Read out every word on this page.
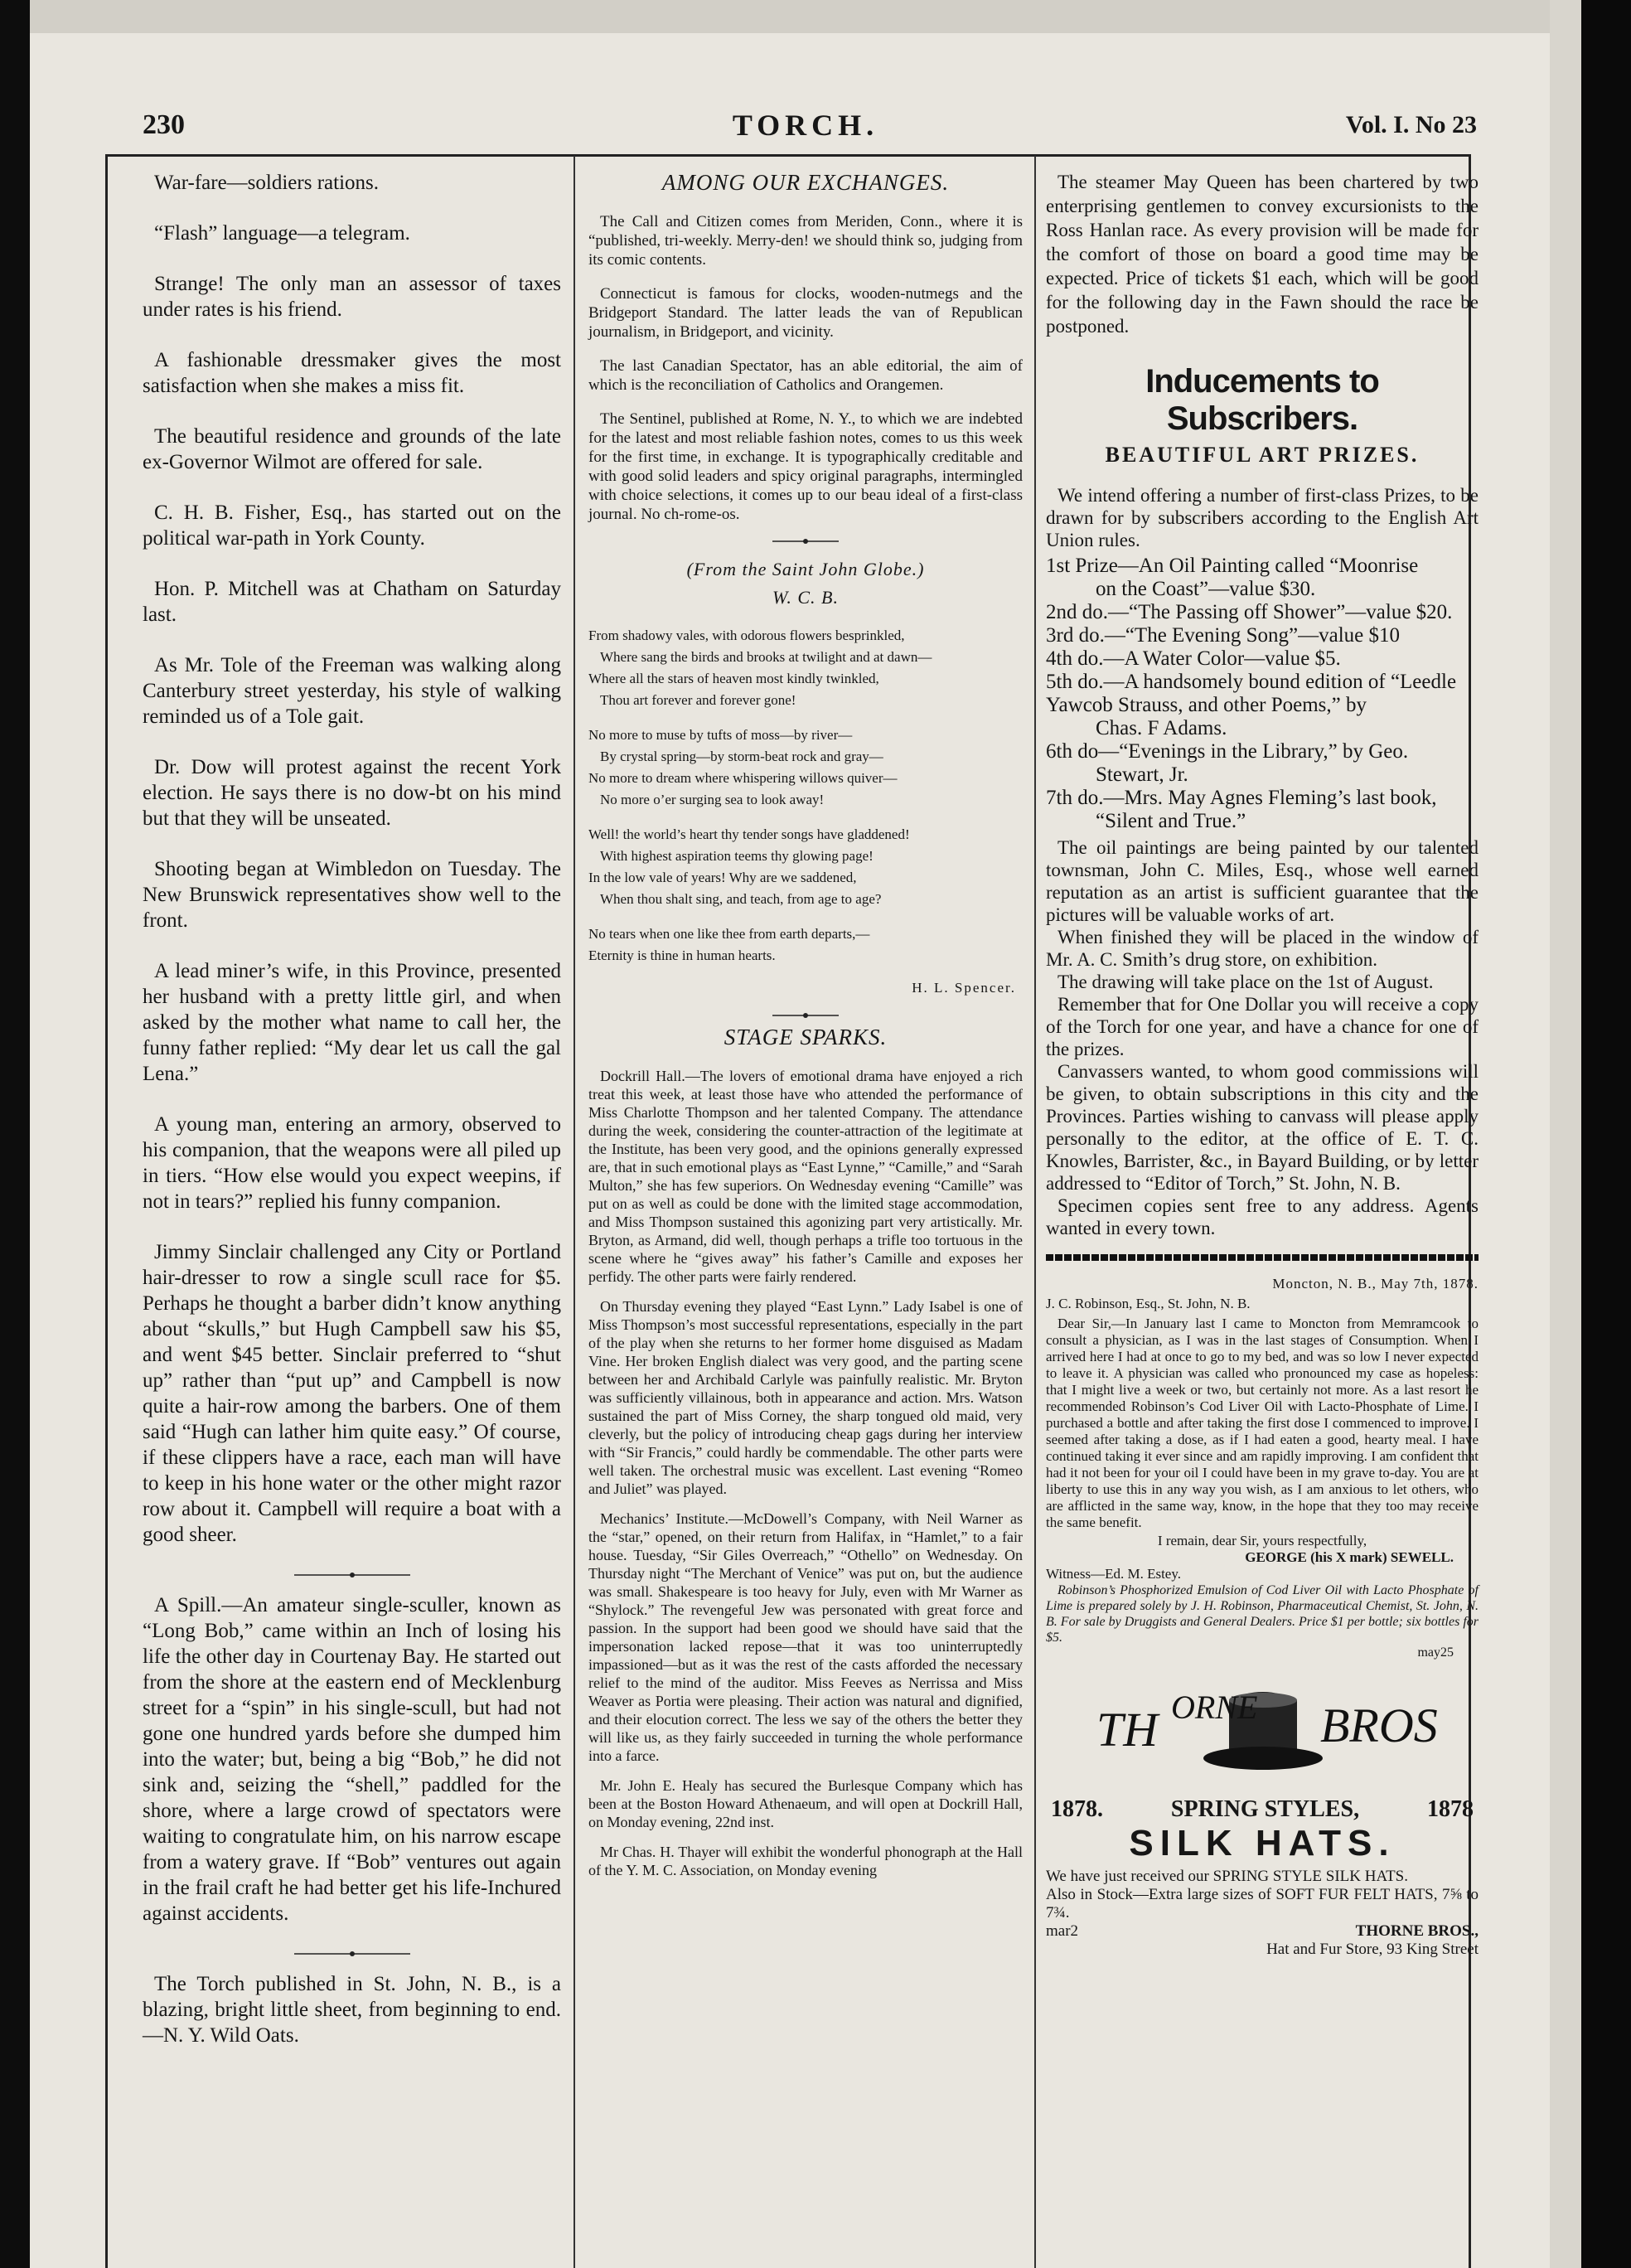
230	TORCH.	Vol. I. No 23

War-fare—soldiers rations.

“Flash” language—a telegram.

Strange! The only man an assessor of taxes under rates is his friend.

A fashionable dressmaker gives the most satisfaction when she makes a miss fit.

The beautiful residence and grounds of the late ex-Governor Wilmot are offered for sale.

C. H. B. Fisher, Esq., has started out on the political war-path in York County.

Hon. P. Mitchell was at Chatham on Saturday last.

As Mr. Tole of the Freeman was walking along Canterbury street yesterday, his style of walking reminded us of a Tole gait.

Dr. Dow will protest against the recent York election. He says there is no dow-bt on his mind but that they will be unseated.

Shooting began at Wimbledon on Tuesday. The New Brunswick representatives show well to the front.

A lead miner’s wife, in this Province, presented her husband with a pretty little girl, and when asked by the mother what name to call her, the funny father replied: “My dear let us call the gal Lena.”

A young man, entering an armory, observed to his companion, that the weapons were all piled up in tiers. “How else would you expect weepins, if not in tears?” replied his funny companion.

Jimmy Sinclair challenged any City or Portland hair-dresser to row a single scull race for $5. Perhaps he thought a barber didn’t know anything about “skulls,” but Hugh Campbell saw his $5, and went $45 better. Sinclair preferred to “shut up” rather than “put up” and Campbell is now quite a hair-row among the barbers. One of them said “Hugh can lather him quite easy.” Of course, if these clippers have a race, each man will have to keep in his hone water or the other might razor row about it. Campbell will require a boat with a good sheer.

A Spill.—An amateur single-sculler, known as “Long Bob,” came within an Inch of losing his life the other day in Courtenay Bay. He started out from the shore at the eastern end of Mecklenburg street for a “spin” in his single-scull, but had not gone one hundred yards before she dumped him into the water; but, being a big “Bob,” he did not sink and, seizing the “shell,” paddled for the shore, where a large crowd of spectators were waiting to congratulate him, on his narrow escape from a watery grave. If “Bob” ventures out again in the frail craft he had better get his life-Inchured against accidents.

The Torch published in St. John, N. B., is a blazing, bright little sheet, from beginning to end.—N. Y. Wild Oats.

AMONG OUR EXCHANGES.

The Call and Citizen comes from Meriden, Conn., where it is “published, tri-weekly. Merry-den! we should think so, judging from its comic contents.

Connecticut is famous for clocks, wooden-nutmegs and the Bridgeport Standard. The latter leads the van of Republican journalism, in Bridgeport, and vicinity.

The last Canadian Spectator, has an able editorial, the aim of which is the reconciliation of Catholics and Orangemen.

The Sentinel, published at Rome, N. Y., to which we are indebted for the latest and most reliable fashion notes, comes to us this week for the first time, in exchange. It is typographically creditable and with good solid leaders and spicy original paragraphs, intermingled with choice selections, it comes up to our beau ideal of a first-class journal. No ch-rome-os.

(From the Saint John Globe.)
W. C. B.
From shadowy vales, with odorous flowers besprinkled,
Where sang the birds and brooks at twilight and at dawn—
Where all the stars of heaven most kindly twinkled,
Thou art forever and forever gone!
No more to muse by tufts of moss—by river—
By crystal spring—by storm-beat rock and gray—
No more to dream where whispering willows quiver—
No more o’er surging sea to look away!
Well! the world’s heart thy tender songs have gladdened!
With highest aspiration teems thy glowing page!
In the low vale of years! Why are we saddened,
When thou shalt sing, and teach, from age to age?
No tears when one like thee from earth departs,—
Eternity is thine in human hearts.
H. L. Spencer.
STAGE SPARKS.

Dockrill Hall.—The lovers of emotional drama have enjoyed a rich treat this week, at least those have who attended the performance of Miss Charlotte Thompson and her talented Company. The attendance during the week, considering the counter-attraction of the legitimate at the Institute, has been very good, and the opinions generally expressed are, that in such emotional plays as “East Lynne,” “Camille,” and “Sarah Multon,” she has few superiors. On Wednesday evening “Camille” was put on as well as could be done with the limited stage accommodation, and Miss Thompson sustained this agonizing part very artistically. Mr. Bryton, as Armand, did well, though perhaps a trifle too tortuous in the scene where he “gives away” his father’s Camille and exposes her perfidy. The other parts were fairly rendered.

On Thursday evening they played “East Lynn.” Lady Isabel is one of Miss Thompson’s most successful representations, especially in the part of the play when she returns to her former home disguised as Madam Vine. Her broken English dialect was very good, and the parting scene between her and Archibald Carlyle was painfully realistic. Mr. Bryton was sufficiently villainous, both in appearance and action. Mrs. Watson sustained the part of Miss Corney, the sharp tongued old maid, very cleverly, but the policy of introducing cheap gags during her interview with “Sir Francis,” could hardly be commendable. The other parts were well taken. The orchestral music was excellent. Last evening “Romeo and Juliet” was played.

Mechanics’ Institute.—McDowell’s Company, with Neil Warner as the “star,” opened, on their return from Halifax, in “Hamlet,” to a fair house. Tuesday, “Sir Giles Overreach,” “Othello” on Wednesday. On Thursday night “The Merchant of Venice” was put on, but the audience was small. Shakespeare is too heavy for July, even with Mr Warner as “Shylock.” The revengeful Jew was personated with great force and passion. In the support had been good we should have said that the impersonation lacked repose—that it was too uninterruptedly impassioned—but as it was the rest of the casts afforded the necessary relief to the mind of the auditor. Miss Feeves as Nerrissa and Miss Weaver as Portia were pleasing. Their action was natural and dignified, and their elocution correct. The less we say of the others the better they will like us, as they fairly succeeded in turning the whole performance into a farce.

Mr. John E. Healy has secured the Burlesque Company which has been at the Boston Howard Athenaeum, and will open at Dockrill Hall, on Monday evening, 22nd inst.

Mr Chas. H. Thayer will exhibit the wonderful phonograph at the Hall of the Y. M. C. Association, on Monday evening

The steamer May Queen has been chartered by two enterprising gentlemen to convey excursionists to the Ross Hanlan race. As every provision will be made for the comfort of those on board a good time may be expected. Price of tickets $1 each, which will be good for the following day in the Fawn should the race be postponed.

Inducements to Subscribers.
BEAUTIFUL ART PRIZES.

We intend offering a number of first-class Prizes, to be drawn for by subscribers according to the English Art Union rules.

1st Prize—An Oil Painting called “Moonrise
on the Coast”—value $30.
2nd do.—“The Passing off Shower”—value $20.
3rd do.—“The Evening Song”—value $10
4th do.—A Water Color—value $5.
5th do.—A handsomely bound edition of “Leedle Yawcob Strauss, and other Poems,” by
Chas. F Adams.
6th do—“Evenings in the Library,” by Geo.
Stewart, Jr.
7th do.—Mrs. May Agnes Fleming’s last book,
“Silent and True.”

The oil paintings are being painted by our talented townsman, John C. Miles, Esq., whose well earned reputation as an artist is sufficient guarantee that the pictures will be valuable works of art.

When finished they will be placed in the window of Mr. A. C. Smith’s drug store, on exhibition.

The drawing will take place on the 1st of August.

Remember that for One Dollar you will receive a copy of the Torch for one year, and have a chance for one of the prizes.

Canvassers wanted, to whom good commissions will be given, to obtain subscriptions in this city and the Provinces. Parties wishing to canvass will please apply personally to the editor, at the office of E. T. C. Knowles, Barrister, &c., in Bayard Building, or by letter addressed to “Editor of Torch,” St. John, N. B.

Specimen copies sent free to any address. Agents wanted in every town.

Moncton, N. B., May 7th, 1878.
J. C. Robinson, Esq., St. John, N. B.

Dear Sir,—In January last I came to Moncton from Memramcook to consult a physician, as I was in the last stages of Consumption. When I arrived here I had at once to go to my bed, and was so low I never expected to leave it. A physician was called who pronounced my case as hopeless: that I might live a week or two, but certainly not more. As a last resort he recommended Robinson’s Cod Liver Oil with Lacto-Phosphate of Lime. I purchased a bottle and after taking the first dose I commenced to improve. I seemed after taking a dose, as if I had eaten a good, hearty meal. I have continued taking it ever since and am rapidly improving. I am confident that had it not been for your oil I could have been in my grave to-day. You are at liberty to use this in any way you wish, as I am anxious to let others, who are afflicted in the same way, know, in the hope that they too may receive the same benefit.

I remain, dear Sir, yours respectfully,
GEORGE (his X mark) SEWELL.
Witness—Ed. M. Estey.

Robinson’s Phosphorized Emulsion of Cod Liver Oil with Lacto Phosphate of Lime is prepared solely by J. H. Robinson, Pharmaceutical Chemist, St. John, N. B. For sale by Druggists and General Dealers. Price $1 per bottle; six bottles for $5.

may25
TH ORNE BROS
1878.	SPRING STYLES,	1878
SILK HATS.

We have just received our SPRING STYLE SILK HATS.

Also in Stock—Extra large sizes of SOFT FUR FELT HATS, 7⅝ to 7¾.

mar2	THORNE BROS.,
Hat and Fur Store, 93 King Street
